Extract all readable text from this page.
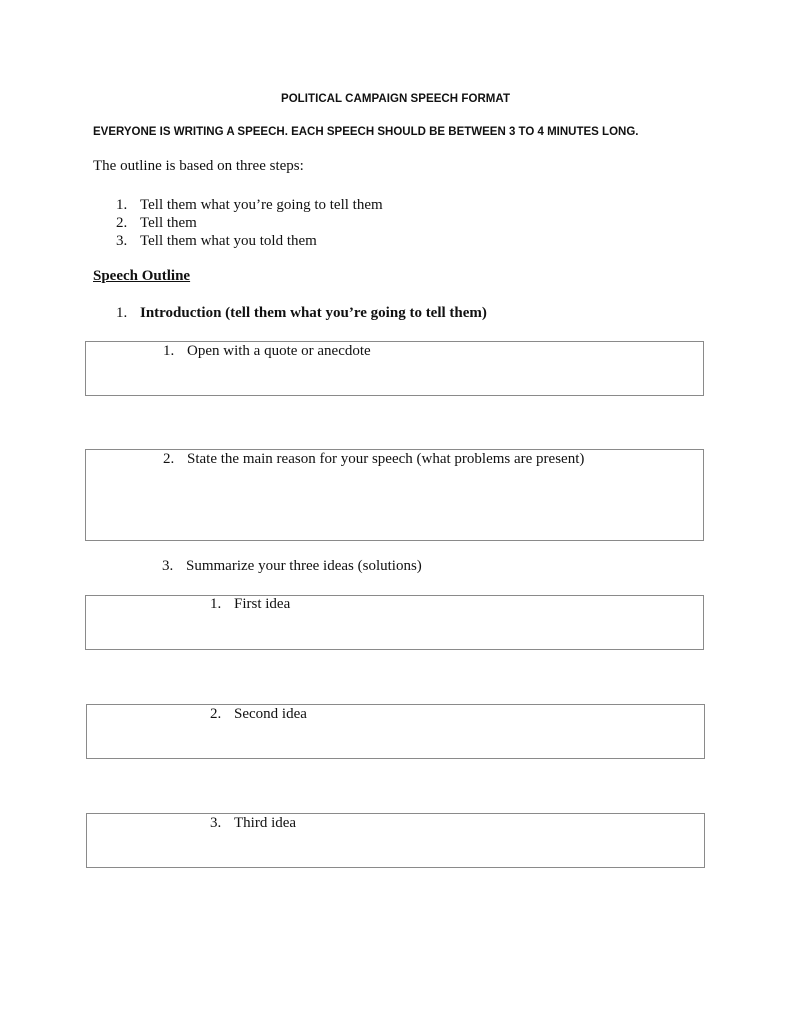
POLITICAL CAMPAIGN SPEECH FORMAT
EVERYONE IS WRITING A SPEECH. EACH SPEECH SHOULD BE BETWEEN 3 TO 4 MINUTES LONG.
The outline is based on three steps:
1. Tell them what you’re going to tell them
2. Tell them
3. Tell them what you told them
Speech Outline
1. Introduction (tell them what you’re going to tell them)
1. Open with a quote or anecdote
2. State the main reason for your speech (what problems are present)
3. Summarize your three ideas (solutions)
1. First idea
2. Second idea
3. Third idea
